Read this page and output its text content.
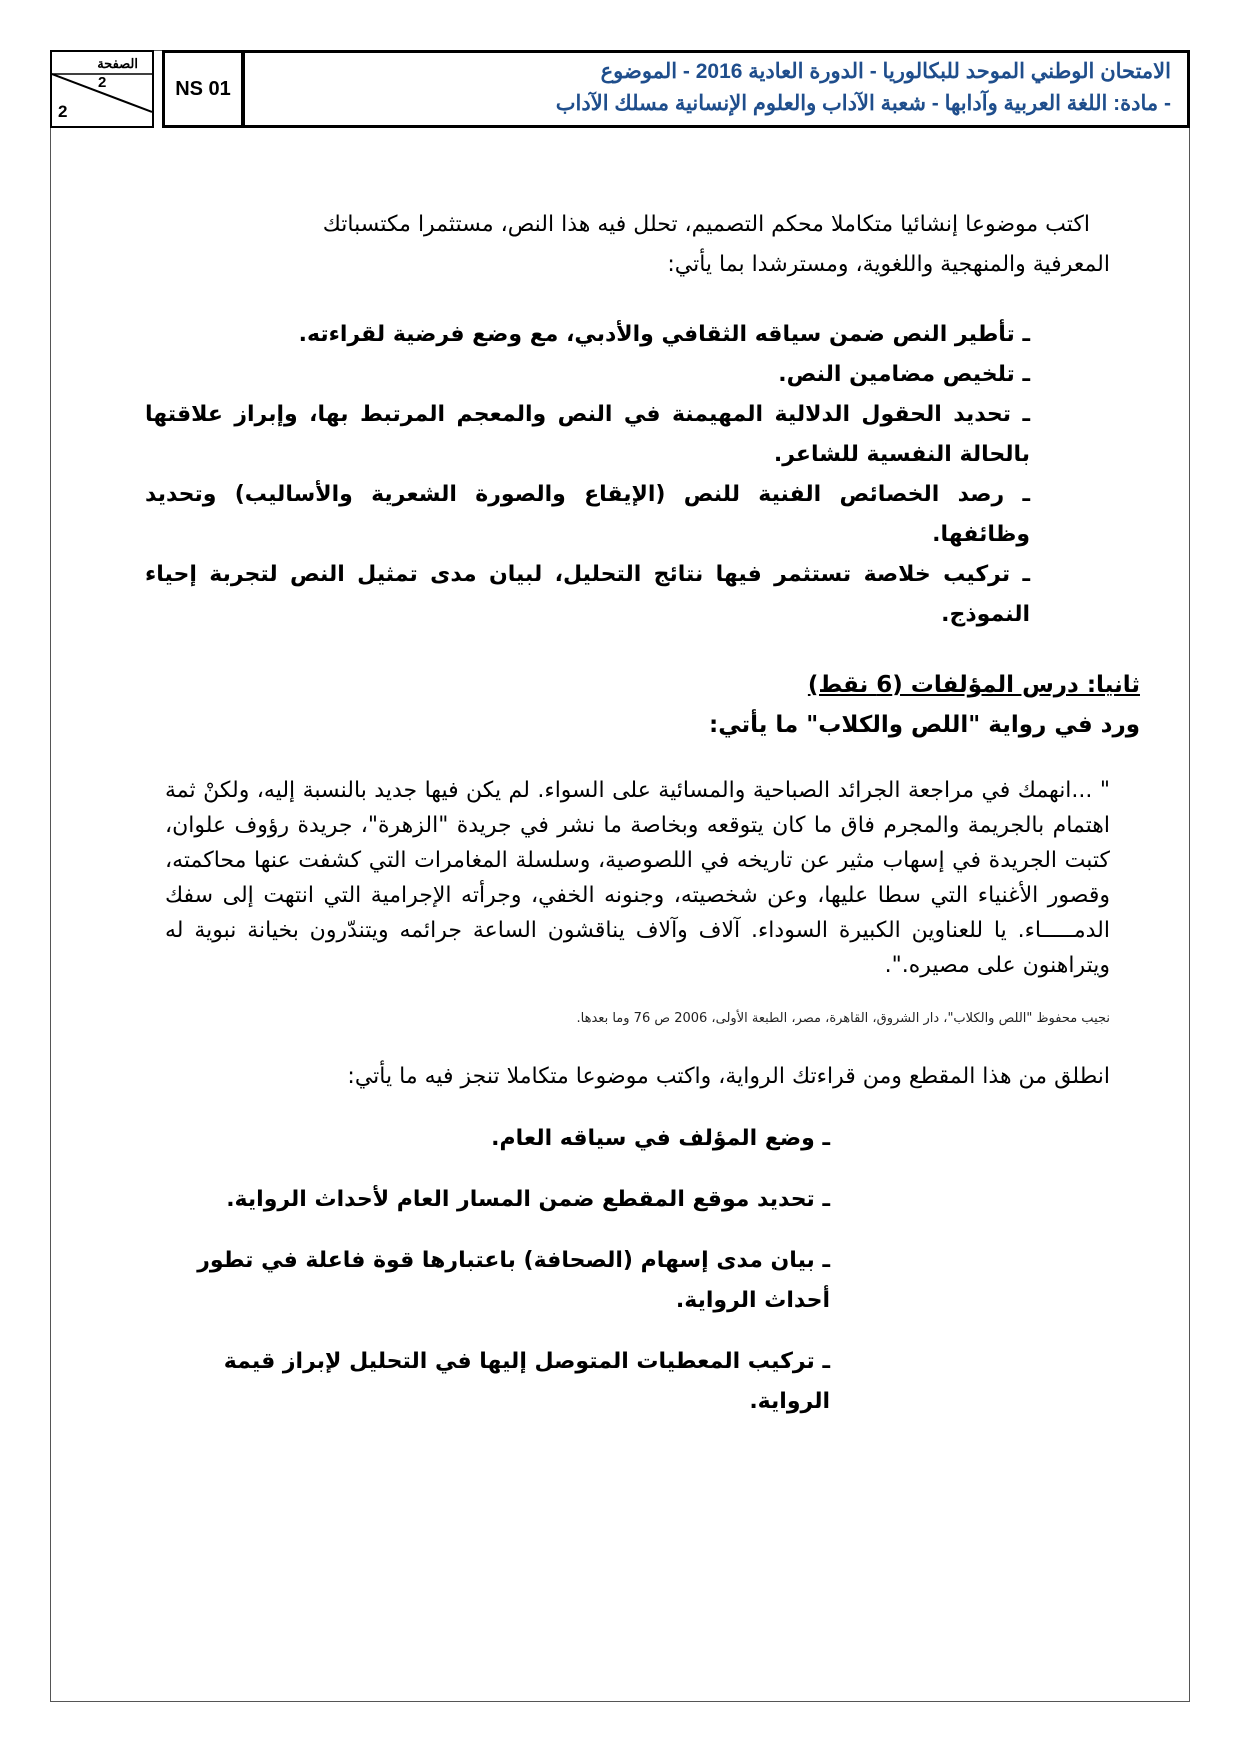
الصفحة
2
2
NS 01
الامتحان الوطني الموحد للبكالوريا - الدورة العادية 2016 - الموضوع
- مادة: اللغة العربية وآدابها - شعبة الآداب والعلوم الإنسانية مسلك الآداب
اكتب موضوعا إنشائيا متكاملا محكم التصميم، تحلل فيه هذا النص، مستثمرا مكتسباتك
المعرفية والمنهجية واللغوية، ومسترشدا بما يأتي:
ـ تأطير النص ضمن سياقه الثقافي والأدبي، مع وضع فرضية لقراءته.
ـ تلخيص مضامين النص.
ـ تحديد الحقول الدلالية المهيمنة في النص والمعجم المرتبط بها، وإبراز علاقتها بالحالة النفسية للشاعر.
ـ رصد الخصائص الفنية للنص (الإيقاع والصورة الشعرية والأساليب) وتحديد وظائفها.
ـ تركيب خلاصة تستثمر فيها نتائج التحليل، لبيان مدى تمثيل النص لتجربة إحياء النموذج.
ثانيا: درس المؤلفات (6 نقط)
ورد في رواية "اللص والكلاب" ما يأتي:
" ...انهمك في مراجعة الجرائد الصباحية والمسائية على السواء. لم يكن فيها جديد بالنسبة إليه، ولكنْ ثمة اهتمام بالجريمة والمجرم فاق ما كان يتوقعه وبخاصة ما نشر في جريدة "الزهرة"، جريدة رؤوف علوان، كتبت الجريدة في إسهاب مثير عن تاريخه في اللصوصية، وسلسلة المغامرات التي كشفت عنها محاكمته، وقصور الأغنياء التي سطا عليها، وعن شخصيته، وجنونه الخفي، وجرأته الإجرامية التي انتهت إلى سفك الدمـــــاء. يا للعناوين الكبيرة السوداء. آلاف وآلاف يناقشون الساعة جرائمه ويتندّرون بخيانة نبوية له ويتراهنون على مصيره.".
نجيب محفوظ "اللص والكلاب"، دار الشروق، القاهرة، مصر، الطبعة الأولى، 2006 ص 76 وما بعدها.
انطلق من هذا المقطع ومن قراءتك الرواية، واكتب موضوعا متكاملا تنجز فيه ما يأتي:
ـ وضع المؤلف في سياقه العام.
ـ تحديد موقع المقطع ضمن المسار العام لأحداث الرواية.
ـ بيان مدى إسهام (الصحافة) باعتبارها قوة فاعلة في تطور أحداث الرواية.
ـ تركيب المعطيات المتوصل إليها في التحليل لإبراز قيمة الرواية.
